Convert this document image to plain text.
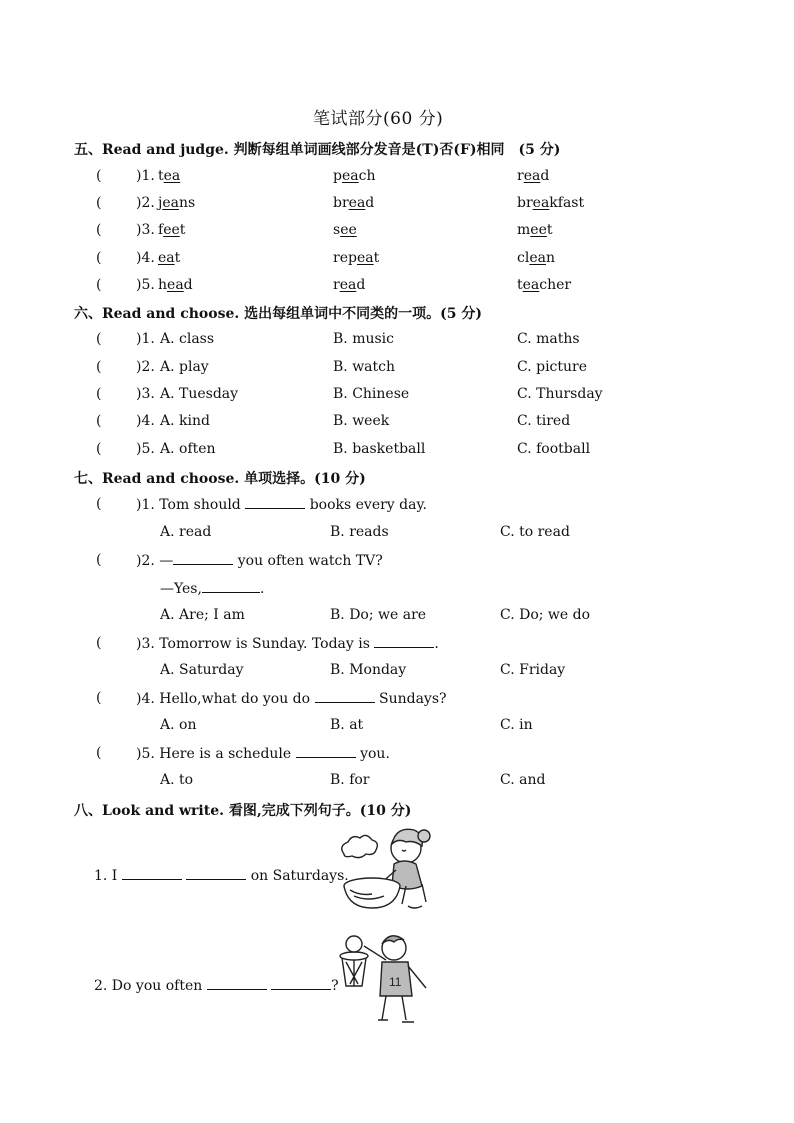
笔试部分(60 分)
五、Read and judge. 判断每组单词画线部分发音是(T)否(F)相同　(5 分)
( )1. tea	peach	read
( )2. jeans	bread	breakfast
( )3. feet	see	meet
( )4. eat	repeat	clean
( )5. head	read	teacher
六、Read and choose. 选出每组单词中不同类的一项。(5 分)
( )1. A. class	B. music	C. maths
( )2. A. play	B. watch	C. picture
( )3. A. Tuesday	B. Chinese	C. Thursday
( )4. A. kind	B. week	C. tired
( )5. A. often	B. basketball	C. football
七、Read and choose. 单项选择。(10 分)
( )1. Tom should	books every day.
A. read	B. reads	C. to read
( )2. —	you often watch TV?
—Yes,	.
A. Are; I am	B. Do; we are	C. Do; we do
( )3. Tomorrow is Sunday. Today is	.
A. Saturday	B. Monday	C. Friday
( )4. Hello,what do you do	Sundays?
A. on	B. at	C. in
( )5. Here is a schedule	you.
A. to	B. for	C. and
八、Look and write. 看图,完成下列句子。(10 分)
1. I	on Saturdays.
2. Do you often	?	11
